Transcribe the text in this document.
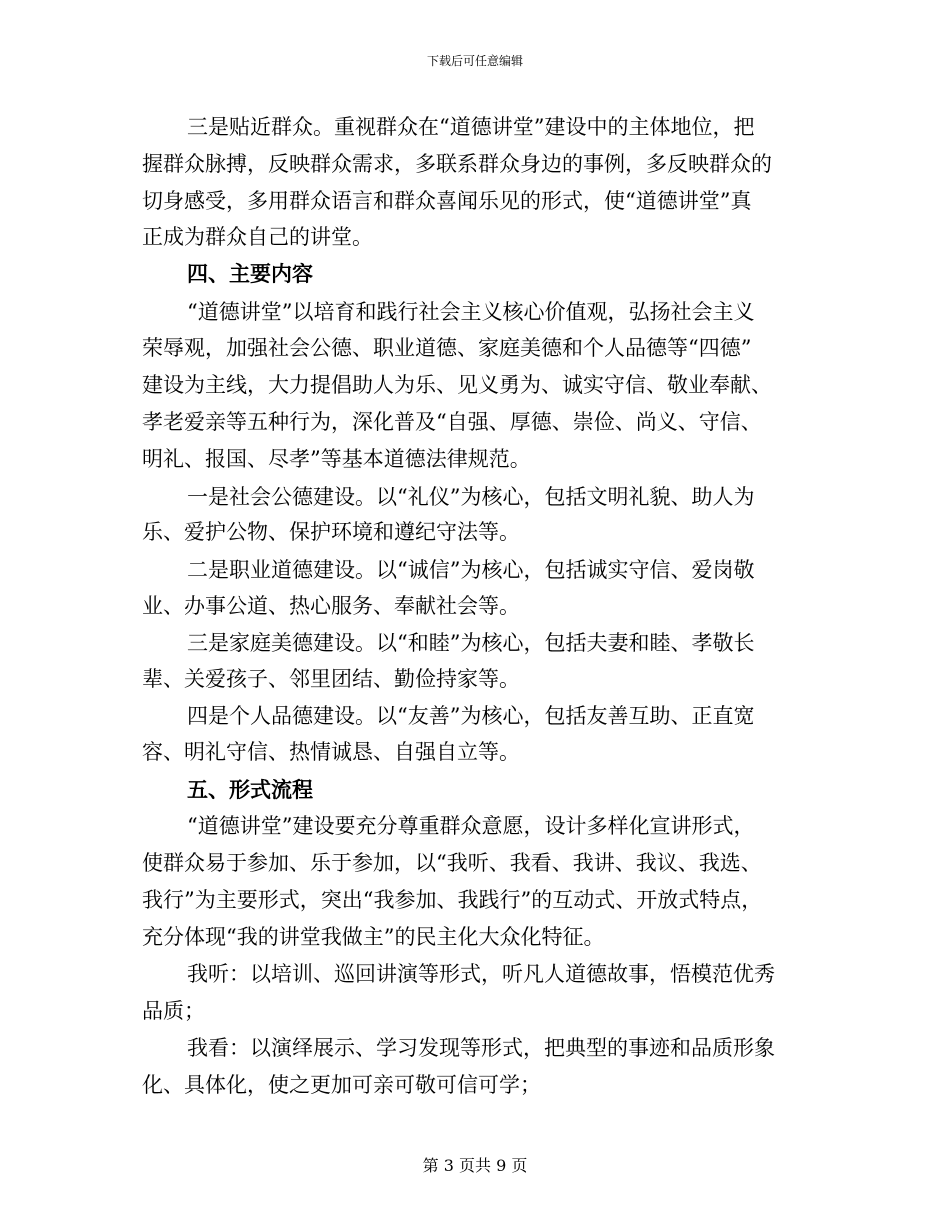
下载后可任意编辑
三是贴近群众。重视群众在“道德讲堂”建设中的主体地位，把
握群众脉搏，反映群众需求，多联系群众身边的事例，多反映群众的
切身感受，多用群众语言和群众喜闻乐见的形式，使“道德讲堂”真
正成为群众自己的讲堂。
四、主要内容
“道德讲堂”以培育和践行社会主义核心价值观，弘扬社会主义
荣辱观，加强社会公德、职业道德、家庭美德和个人品德等“四德”
建设为主线，大力提倡助人为乐、见义勇为、诚实守信、敬业奉献、
孝老爱亲等五种行为，深化普及“自强、厚德、崇俭、尚义、守信、
明礼、报国、尽孝”等基本道德法律规范。
一是社会公德建设。以“礼仪”为核心，包括文明礼貌、助人为
乐、爱护公物、保护环境和遵纪守法等。
二是职业道德建设。以“诚信”为核心，包括诚实守信、爱岗敬
业、办事公道、热心服务、奉献社会等。
三是家庭美德建设。以“和睦”为核心，包括夫妻和睦、孝敬长
辈、关爱孩子、邻里团结、勤俭持家等。
四是个人品德建设。以“友善”为核心，包括友善互助、正直宽
容、明礼守信、热情诚恳、自强自立等。
五、形式流程
“道德讲堂”建设要充分尊重群众意愿，设计多样化宣讲形式，
使群众易于参加、乐于参加，以“我听、我看、我讲、我议、我选、
我行”为主要形式，突出“我参加、我践行”的互动式、开放式特点，
充分体现“我的讲堂我做主”的民主化大众化特征。
我听：以培训、巡回讲演等形式，听凡人道德故事，悟模范优秀
品质；
我看：以演绎展示、学习发现等形式，把典型的事迹和品质形象
化、具体化，使之更加可亲可敬可信可学；
第 3 页共 9 页
